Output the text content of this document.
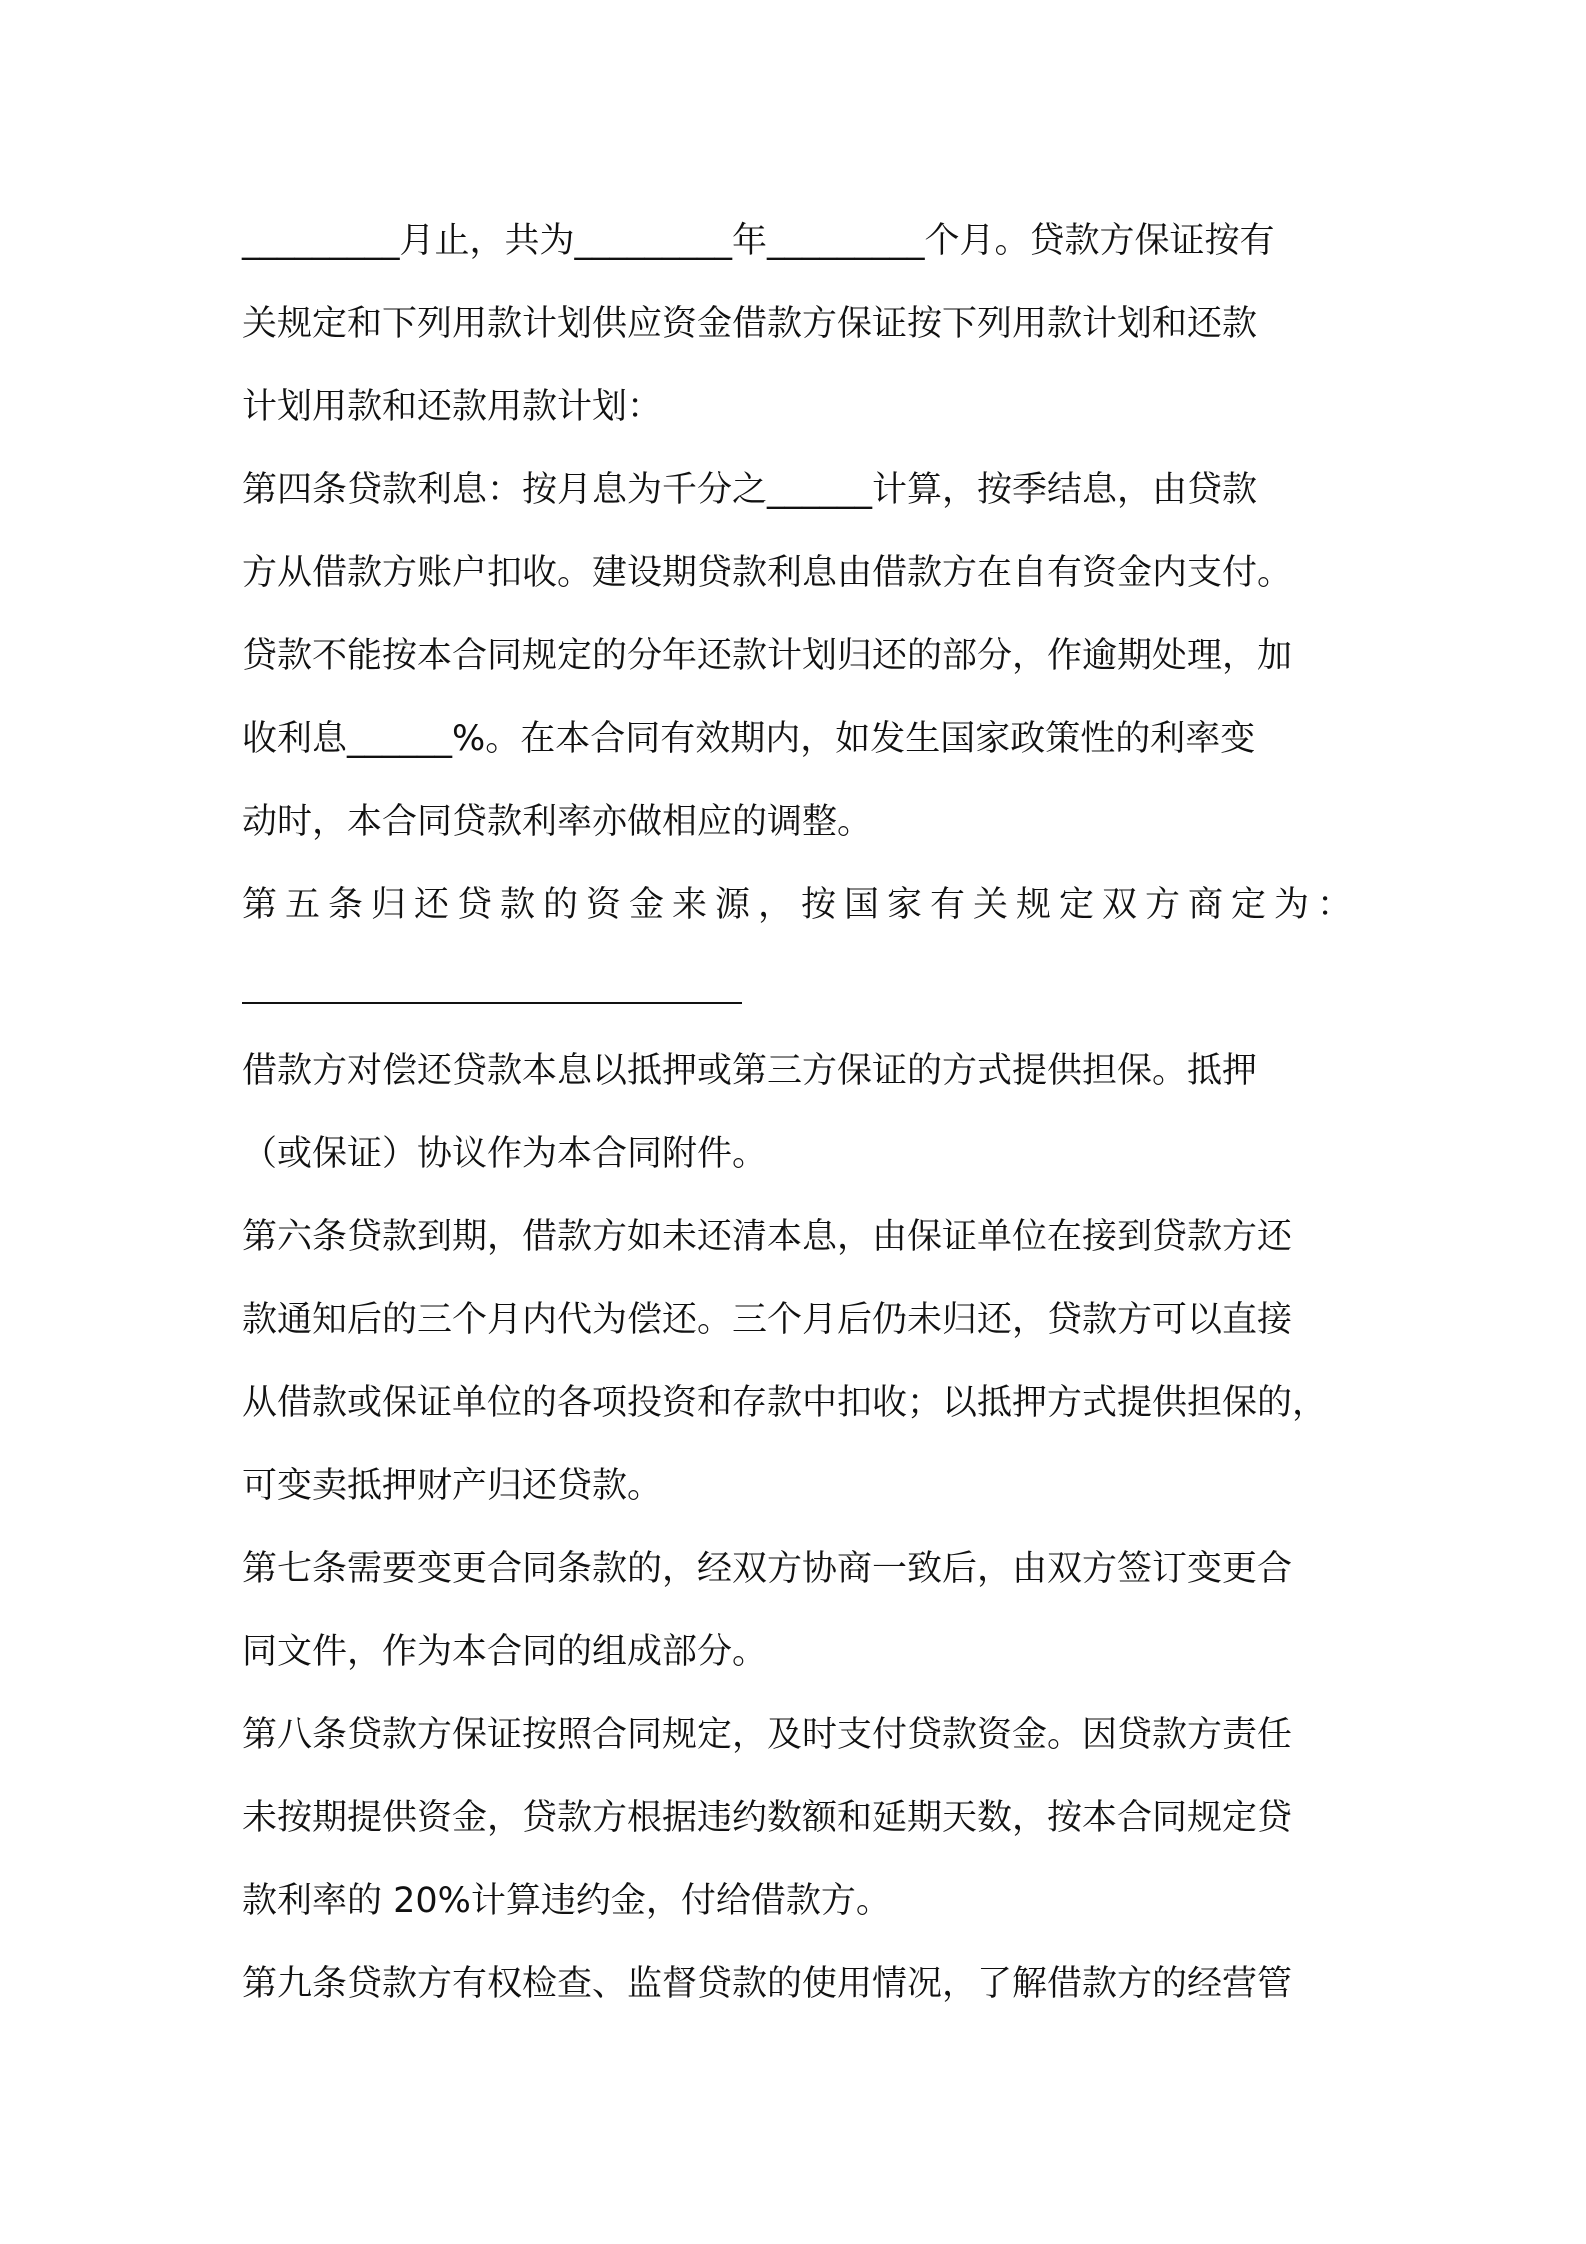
_________月止，共为_________年_________个月。贷款方保证按有
关规定和下列用款计划供应资金借款方保证按下列用款计划和还款
计划用款和还款用款计划：
第四条贷款利息：按月息为千分之______计算，按季结息，由贷款
方从借款方账户扣收。建设期贷款利息由借款方在自有资金内支付。
贷款不能按本合同规定的分年还款计划归还的部分，作逾期处理，加
收利息______%。在本合同有效期内，如发生国家政策性的利率变
动时，本合同贷款利率亦做相应的调整。
第五条归还贷款的资金来源，按国家有关规定双方商定为：
借款方对偿还贷款本息以抵押或第三方保证的方式提供担保。抵押
（或保证）协议作为本合同附件。
第六条贷款到期，借款方如未还清本息，由保证单位在接到贷款方还
款通知后的三个月内代为偿还。三个月后仍未归还，贷款方可以直接
从借款或保证单位的各项投资和存款中扣收；以抵押方式提供担保的，
可变卖抵押财产归还贷款。
第七条需要变更合同条款的，经双方协商一致后，由双方签订变更合
同文件，作为本合同的组成部分。
第八条贷款方保证按照合同规定，及时支付贷款资金。因贷款方责任
未按期提供资金，贷款方根据违约数额和延期天数，按本合同规定贷
款利率的 20%计算违约金，付给借款方。
第九条贷款方有权检查、监督贷款的使用情况，了解借款方的经营管
